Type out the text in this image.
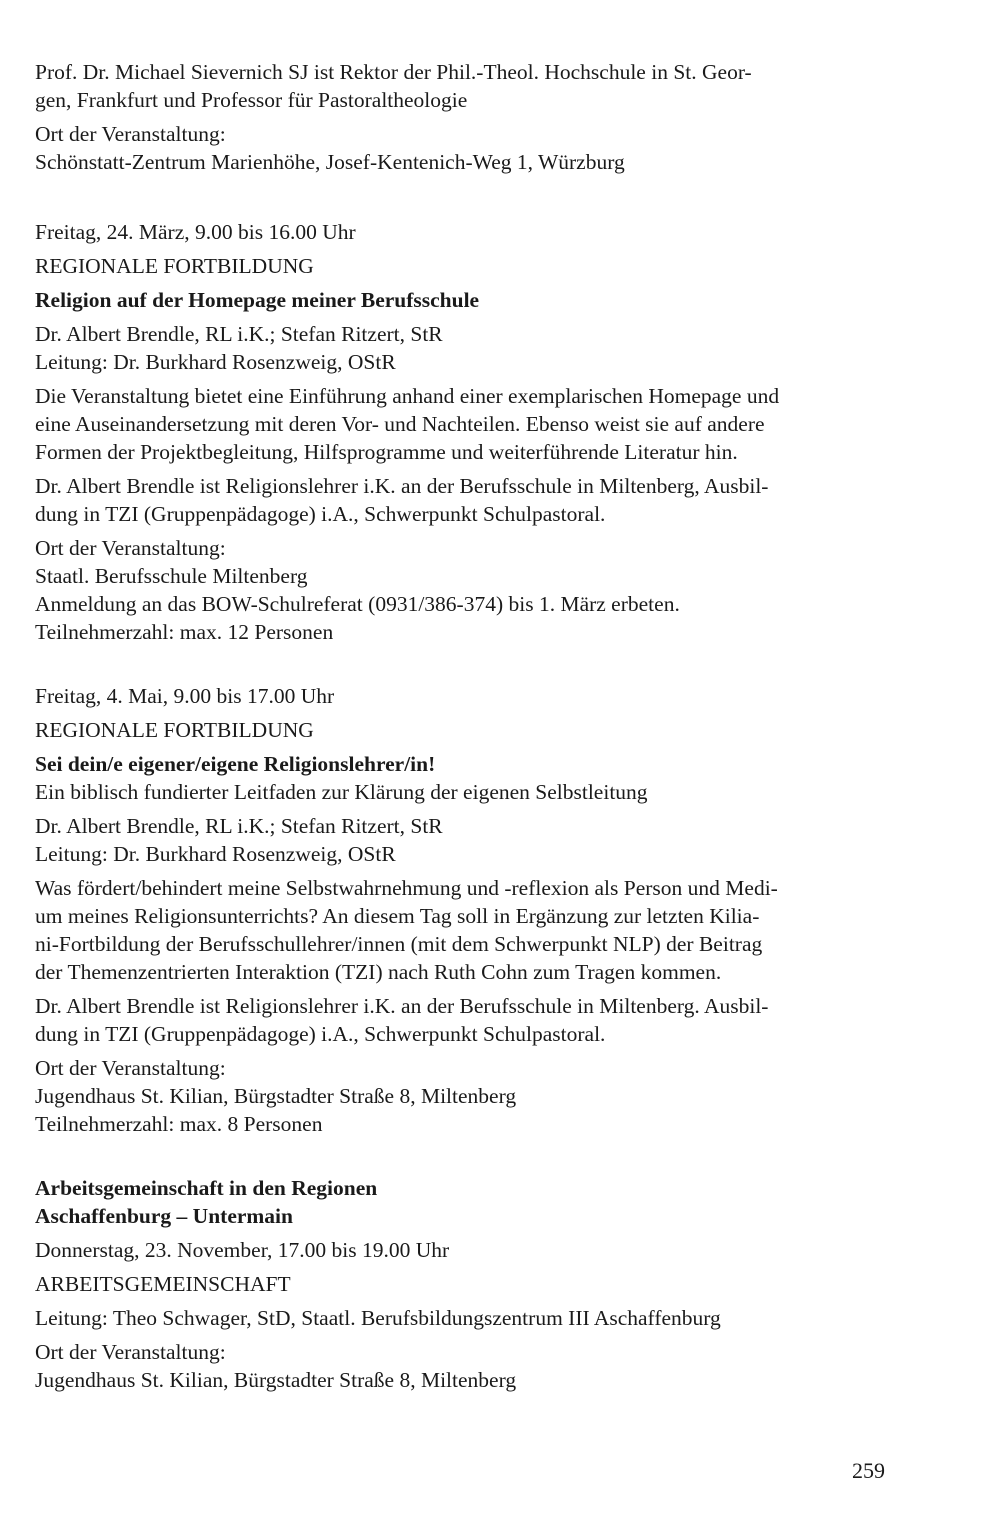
Prof. Dr. Michael Sievernich SJ ist Rektor der Phil.-Theol. Hochschule in St. Geor-
gen, Frankfurt und Professor für Pastoraltheologie
Ort der Veranstaltung:
Schönstatt-Zentrum Marienhöhe, Josef-Kentenich-Weg 1, Würzburg
Freitag, 24. März, 9.00 bis 16.00 Uhr
REGIONALE FORTBILDUNG
Religion auf der Homepage meiner Berufsschule
Dr. Albert Brendle, RL i.K.; Stefan Ritzert, StR
Leitung: Dr. Burkhard Rosenzweig, OStR
Die Veranstaltung bietet eine Einführung anhand einer exemplarischen Homepage und
eine Auseinandersetzung mit deren Vor- und Nachteilen. Ebenso weist sie auf andere
Formen der Projektbegleitung, Hilfsprogramme und weiterführende Literatur hin.
Dr. Albert Brendle ist Religionslehrer i.K. an der Berufsschule in Miltenberg, Ausbil-
dung in TZI (Gruppenpädagoge) i.A., Schwerpunkt Schulpastoral.
Ort der Veranstaltung:
Staatl. Berufsschule Miltenberg
Anmeldung an das BOW-Schulreferat (0931/386-374) bis 1. März erbeten.
Teilnehmerzahl: max. 12 Personen
Freitag, 4. Mai, 9.00 bis 17.00 Uhr
REGIONALE FORTBILDUNG
Sei dein/e eigener/eigene Religionslehrer/in!
Ein biblisch fundierter Leitfaden zur Klärung der eigenen Selbstleitung
Dr. Albert Brendle, RL i.K.; Stefan Ritzert, StR
Leitung: Dr. Burkhard Rosenzweig, OStR
Was fördert/behindert meine Selbstwahrnehmung und -reflexion als Person und Medi-
um meines Religionsunterrichts? An diesem Tag soll in Ergänzung zur letzten Kilia-
ni-Fortbildung der Berufsschullehrer/innen (mit dem Schwerpunkt NLP) der Beitrag
der Themenzentrierten Interaktion (TZI) nach Ruth Cohn zum Tragen kommen.
Dr. Albert Brendle ist Religionslehrer i.K. an der Berufsschule in Miltenberg. Ausbil-
dung in TZI (Gruppenpädagoge) i.A., Schwerpunkt Schulpastoral.
Ort der Veranstaltung:
Jugendhaus St. Kilian, Bürgstadter Straße 8, Miltenberg
Teilnehmerzahl: max. 8 Personen
Arbeitsgemeinschaft in den Regionen
Aschaffenburg – Untermain
Donnerstag, 23. November, 17.00 bis 19.00 Uhr
ARBEITSGEMEINSCHAFT
Leitung: Theo Schwager, StD, Staatl. Berufsbildungszentrum III Aschaffenburg
Ort der Veranstaltung:
Jugendhaus St. Kilian, Bürgstadter Straße 8, Miltenberg
259
